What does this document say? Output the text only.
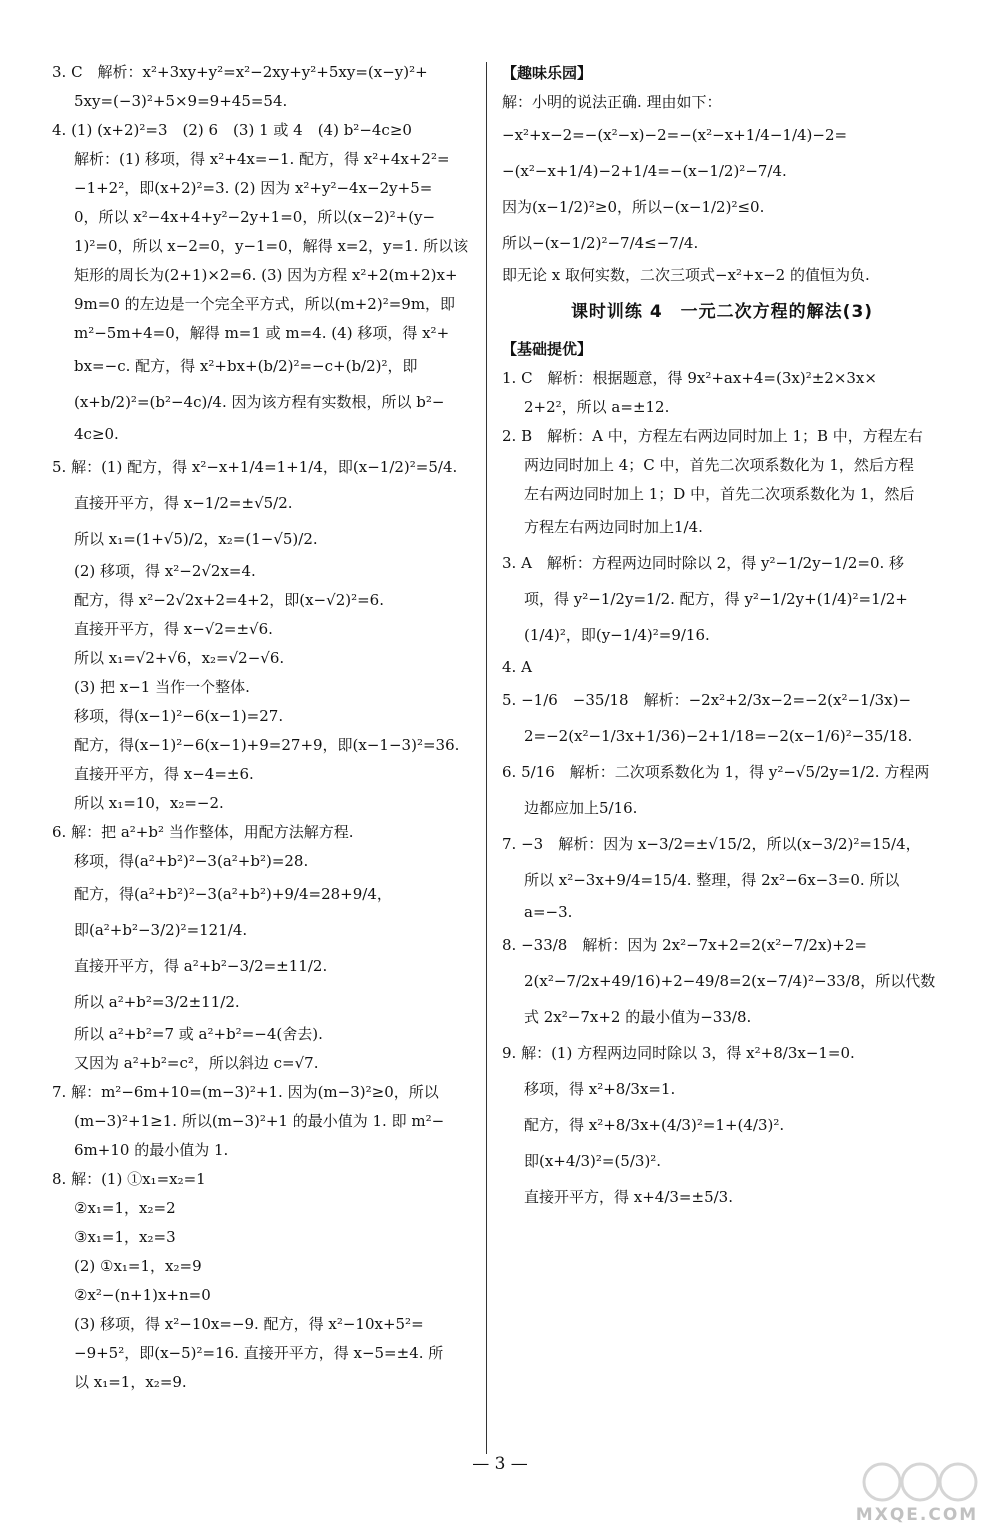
3. C　解析：x²+3xy+y²=x²−2xy+y²+5xy=(x−y)²+

5xy=(−3)²+5×9=9+45=54.

4. (1) (x+2)²=3　(2) 6　(3) 1 或 4　(4) b²−4c≥0

解析：(1) 移项，得 x²+4x=−1. 配方，得 x²+4x+2²=

−1+2²，即(x+2)²=3. (2) 因为 x²+y²−4x−2y+5=

0，所以 x²−4x+4+y²−2y+1=0，所以(x−2)²+(y−

1)²=0，所以 x−2=0，y−1=0，解得 x=2，y=1. 所以该

矩形的周长为(2+1)×2=6. (3) 因为方程 x²+2(m+2)x+

9m=0 的左边是一个完全平方式，所以(m+2)²=9m，即

m²−5m+4=0，解得 m=1 或 m=4. (4) 移项，得 x²+

bx=−c. 配方，得 x²+bx+(b/2)²=−c+(b/2)²，即

(x+b/2)²=(b²−4c)/4. 因为该方程有实数根，所以 b²−

4c≥0.

5. 解：(1) 配方，得 x²−x+1/4=1+1/4，即(x−1/2)²=5/4.

直接开平方，得 x−1/2=±√5/2.

所以 x₁=(1+√5)/2，x₂=(1−√5)/2.

(2) 移项，得 x²−2√2x=4.

配方，得 x²−2√2x+2=4+2，即(x−√2)²=6.

直接开平方，得 x−√2=±√6.

所以 x₁=√2+√6，x₂=√2−√6.

(3) 把 x−1 当作一个整体.

移项，得(x−1)²−6(x−1)=27.

配方，得(x−1)²−6(x−1)+9=27+9，即(x−1−3)²=36.

直接开平方，得 x−4=±6.

所以 x₁=10，x₂=−2.

6. 解：把 a²+b² 当作整体，用配方法解方程.

移项，得(a²+b²)²−3(a²+b²)=28.

配方，得(a²+b²)²−3(a²+b²)+9/4=28+9/4，

即(a²+b²−3/2)²=121/4.

直接开平方，得 a²+b²−3/2=±11/2.

所以 a²+b²=3/2±11/2.

所以 a²+b²=7 或 a²+b²=−4(舍去).

又因为 a²+b²=c²，所以斜边 c=√7.

7. 解：m²−6m+10=(m−3)²+1. 因为(m−3)²≥0，所以

(m−3)²+1≥1. 所以(m−3)²+1 的最小值为 1. 即 m²−

6m+10 的最小值为 1.

8. 解：(1) ①x₁=x₂=1

②x₁=1，x₂=2

③x₁=1，x₂=3

(2) ①x₁=1，x₂=9

②x²−(n+1)x+n=0

(3) 移项，得 x²−10x=−9. 配方，得 x²−10x+5²=

−9+5²，即(x−5)²=16. 直接开平方，得 x−5=±4. 所

以 x₁=1，x₂=9.

【趣味乐园】

解：小明的说法正确. 理由如下：

−x²+x−2=−(x²−x)−2=−(x²−x+1/4−1/4)−2=

−(x²−x+1/4)−2+1/4=−(x−1/2)²−7/4.

因为(x−1/2)²≥0，所以−(x−1/2)²≤0.

所以−(x−1/2)²−7/4≤−7/4.

即无论 x 取何实数，二次三项式−x²+x−2 的值恒为负.

课时训练 4　一元二次方程的解法(3)

【基础提优】

1. C　解析：根据题意，得 9x²+ax+4=(3x)²±2×3x×

2+2²，所以 a=±12.

2. B　解析：A 中，方程左右两边同时加上 1；B 中，方程左右

两边同时加上 4；C 中，首先二次项系数化为 1，然后方程

左右两边同时加上 1；D 中，首先二次项系数化为 1，然后

方程左右两边同时加上1/4.

3. A　解析：方程两边同时除以 2，得 y²−1/2y−1/2=0. 移

项，得 y²−1/2y=1/2. 配方，得 y²−1/2y+(1/4)²=1/2+

(1/4)²，即(y−1/4)²=9/16.

4. A

5. −1/6　−35/18　解析：−2x²+2/3x−2=−2(x²−1/3x)−

2=−2(x²−1/3x+1/36)−2+1/18=−2(x−1/6)²−35/18.

6. 5/16　解析：二次项系数化为 1，得 y²−√5/2y=1/2. 方程两

边都应加上5/16.

7. −3　解析：因为 x−3/2=±√15/2，所以(x−3/2)²=15/4，

所以 x²−3x+9/4=15/4. 整理，得 2x²−6x−3=0. 所以

a=−3.

8. −33/8　解析：因为 2x²−7x+2=2(x²−7/2x)+2=

2(x²−7/2x+49/16)+2−49/8=2(x−7/4)²−33/8，所以代数

式 2x²−7x+2 的最小值为−33/8.

9. 解：(1) 方程两边同时除以 3，得 x²+8/3x−1=0.

移项，得 x²+8/3x=1.

配方，得 x²+8/3x+(4/3)²=1+(4/3)².

即(x+4/3)²=(5/3)².

直接开平方，得 x+4/3=±5/3.

— 3 —
MXQE.COM
